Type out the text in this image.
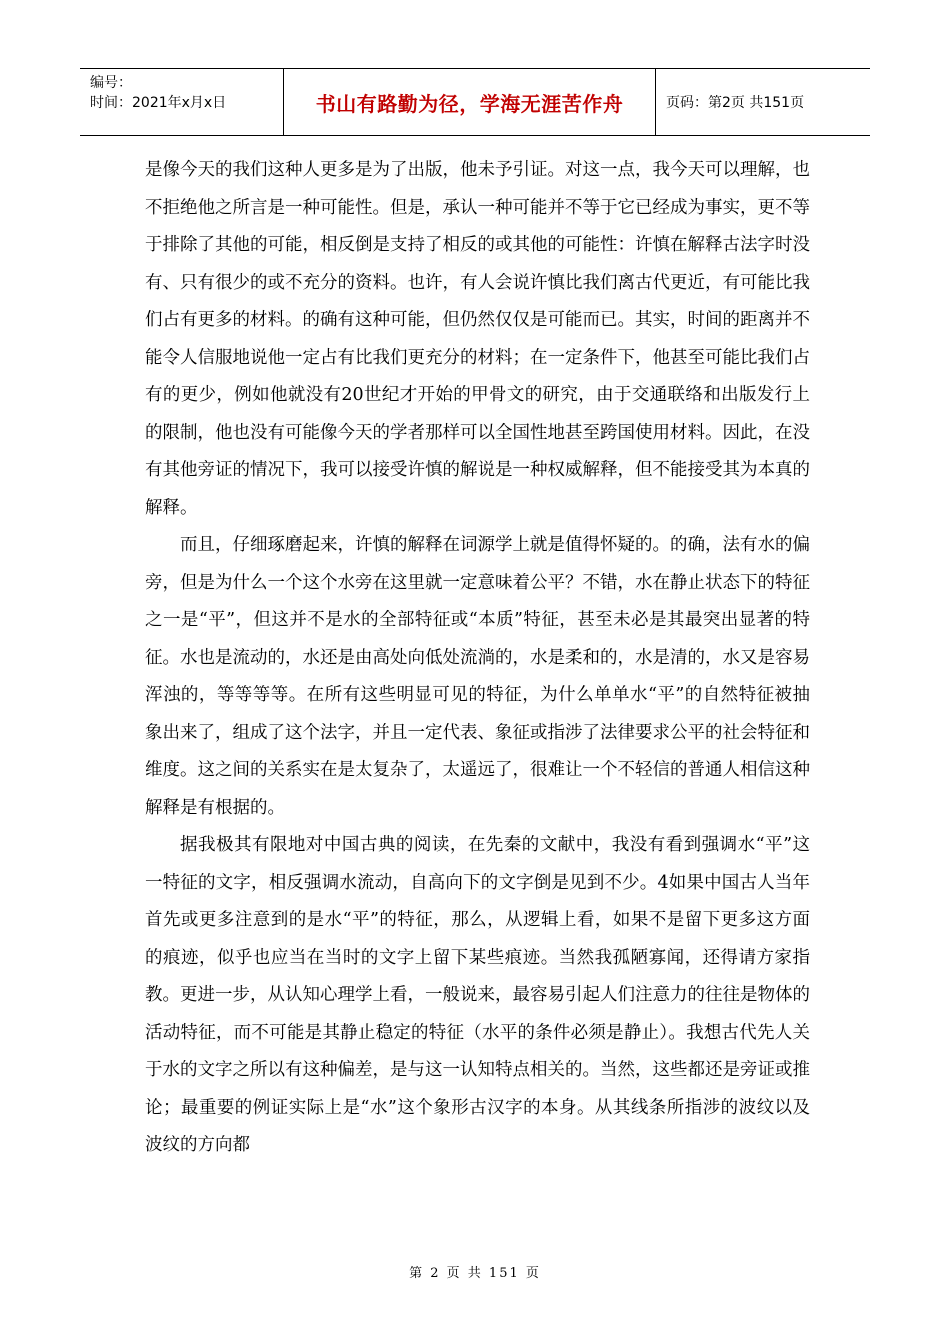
编号：
时间：2021年x月x日	书山有路勤为径，学海无涯苦作舟	页码：第2页 共151页

是像今天的我们这种人更多是为了出版，他未予引证。对这一点，我今天可以理解，也不拒绝他之所言是一种可能性。但是，承认一种可能并不等于它已经成为事实，更不等于排除了其他的可能，相反倒是支持了相反的或其他的可能性：许慎在解释古法字时没有、只有很少的或不充分的资料。也许，有人会说许慎比我们离古代更近，有可能比我们占有更多的材料。的确有这种可能，但仍然仅仅是可能而已。其实，时间的距离并不能令人信服地说他一定占有比我们更充分的材料；在一定条件下，他甚至可能比我们占有的更少，例如他就没有20世纪才开始的甲骨文的研究，由于交通联络和出版发行上的限制，他也没有可能像今天的学者那样可以全国性地甚至跨国使用材料。因此，在没有其他旁证的情况下，我可以接受许慎的解说是一种权威解释，但不能接受其为本真的解释。

而且，仔细琢磨起来，许慎的解释在词源学上就是值得怀疑的。的确，法有水的偏旁，但是为什么一个这个水旁在这里就一定意味着公平？不错，水在静止状态下的特征之一是“平”，但这并不是水的全部特征或“本质”特征，甚至未必是其最突出显著的特征。水也是流动的，水还是由高处向低处流淌的，水是柔和的，水是清的，水又是容易浑浊的，等等等等。在所有这些明显可见的特征，为什么单单水“平”的自然特征被抽象出来了，组成了这个法字，并且一定代表、象征或指涉了法律要求公平的社会特征和维度。这之间的关系实在是太复杂了，太遥远了，很难让一个不轻信的普通人相信这种解释是有根据的。

据我极其有限地对中国古典的阅读，在先秦的文献中，我没有看到强调水“平”这一特征的文字，相反强调水流动，自高向下的文字倒是见到不少。4如果中国古人当年首先或更多注意到的是水“平”的特征，那么，从逻辑上看，如果不是留下更多这方面的痕迹，似乎也应当在当时的文字上留下某些痕迹。当然我孤陋寡闻，还得请方家指教。更进一步，从认知心理学上看，一般说来，最容易引起人们注意力的往往是物体的活动特征，而不可能是其静止稳定的特征（水平的条件必须是静止）。我想古代先人关于水的文字之所以有这种偏差，是与这一认知特点相关的。当然，这些都还是旁证或推论；最重要的例证实际上是“水”这个象形古汉字的本身。从其线条所指涉的波纹以及波纹的方向都

第 2 页 共 151 页
